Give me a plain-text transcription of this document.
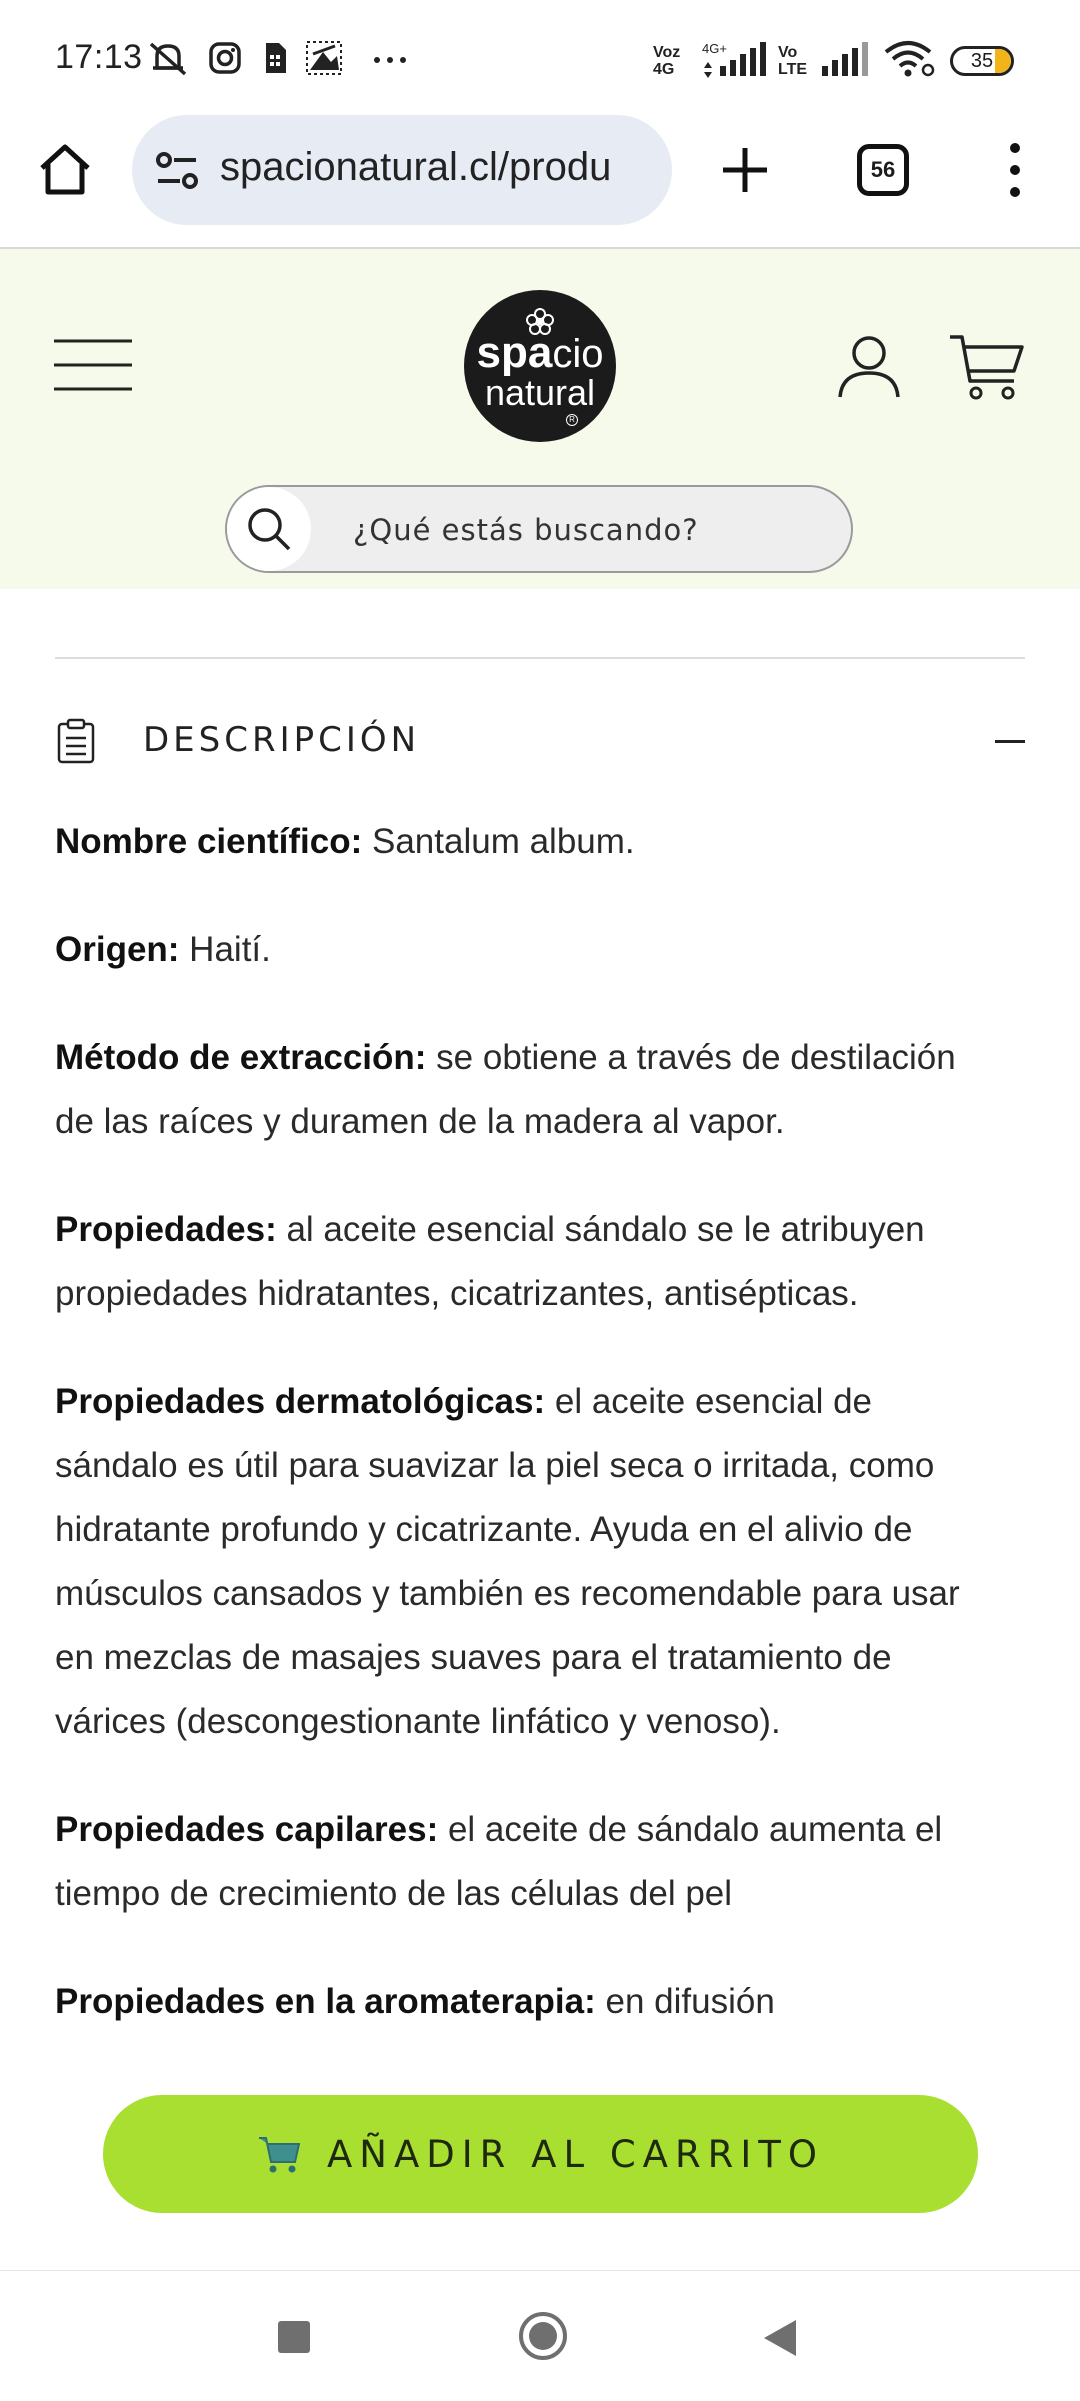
17:13	Voz
4G
4G+	Vo
LTE	35
spacionatural.cl/produ	56
spacio
natural
R
¿Qué estás buscando?
DESCRIPCIÓN

Nombre científico: Santalum album.

Origen: Haití.

Método de extracción: se obtiene a través de destilación de las raíces y duramen de la madera al vapor.

Propiedades: al aceite esencial sándalo se le atribuyen propiedades hidratantes, cicatrizantes, antisépticas.

Propiedades dermatológicas: el aceite esencial de sándalo es útil para suavizar la piel seca o irritada, como hidratante profundo y cicatrizante. Ayuda en el alivio de músculos cansados y también es recomendable para usar en mezclas de masajes suaves para el tratamiento de várices (descongestionante linfático y venoso).

Propiedades capilares: el aceite de sándalo aumenta el tiempo de crecimiento de las células del pel

Propiedades en la aromaterapia: en difusión

AÑADIR AL CARRITO
